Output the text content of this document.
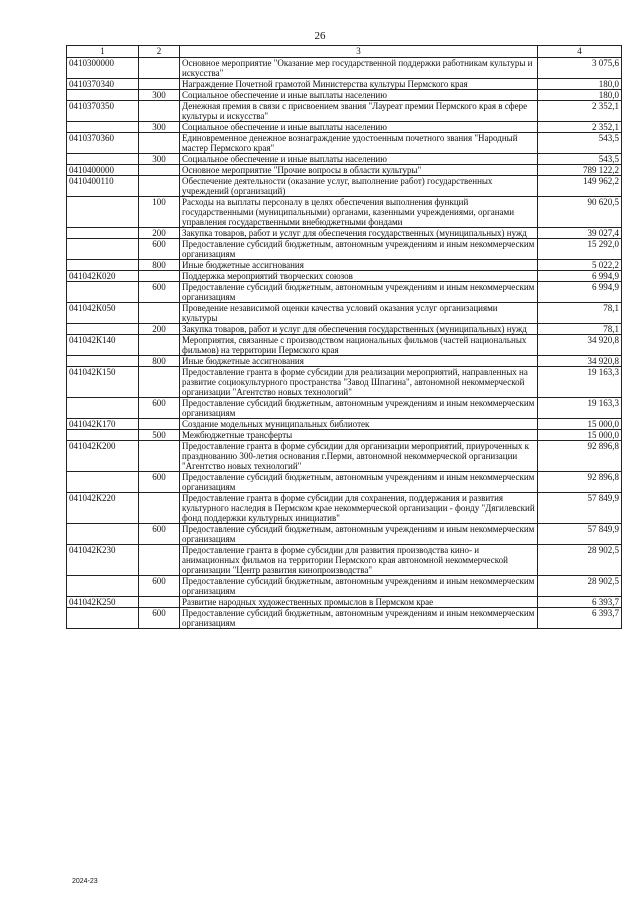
26
1	2	3	4
0410300000		Основное мероприятие "Оказание мер государственной поддержки работникам культуры и искусства"	3 075,6
0410370340		Награждение Почетной грамотой Министерства культуры Пермского края	180,0
	300	Социальное обеспечение и иные выплаты населению	180,0
0410370350		Денежная премия в связи с присвоением звания "Лауреат премии Пермского края в сфере культуры и искусства"	2 352,1
	300	Социальное обеспечение и иные выплаты населению	2 352,1
0410370360		Единовременное денежное вознаграждение удостоенным почетного звания "Народный мастер Пермского края"	543,5
	300	Социальное обеспечение и иные выплаты населению	543,5
0410400000		Основное мероприятие "Прочие вопросы в области культуры"	789 122,2
0410400110		Обеспечение деятельности (оказание услуг, выполнение работ) государственных учреждений (организаций)	149 962,2
	100	Расходы на выплаты персоналу в целях обеспечения выполнения функций государственными (муниципальными) органами, казенными учреждениями, органами управления государственными внебюджетными фондами	90 620,5
	200	Закупка товаров, работ и услуг для обеспечения государственных (муниципальных) нужд	39 027,4
	600	Предоставление субсидий бюджетным, автономным учреждениям и иным некоммерческим организациям	15 292,0
	800	Иные бюджетные ассигнования	5 022,2
041042К020		Поддержка мероприятий творческих союзов	6 994,9
	600	Предоставление субсидий бюджетным, автономным учреждениям и иным некоммерческим организациям	6 994,9
041042К050		Проведение независимой оценки качества условий оказания услуг организациями культуры	78,1
	200	Закупка товаров, работ и услуг для обеспечения государственных (муниципальных) нужд	78,1
041042К140		Мероприятия, связанные с производством национальных фильмов (частей национальных фильмов) на территории Пермского края	34 920,8
	800	Иные бюджетные ассигнования	34 920,8
041042К150		Предоставление гранта в форме субсидии для реализации мероприятий, направленных на развитие социокультурного пространства "Завод Шпагина", автономной некоммерческой организации "Агентство новых технологий"	19 163,3
	600	Предоставление субсидий бюджетным, автономным учреждениям и иным некоммерческим организациям	19 163,3
041042К170		Создание модельных муниципальных библиотек	15 000,0
	500	Межбюджетные трансферты	15 000,0
041042К200		Предоставление гранта в форме субсидии для организации мероприятий, приуроченных к празднованию 300-летия основания г.Перми, автономной некоммерческой организации "Агентство новых технологий"	92 896,8
	600	Предоставление субсидий бюджетным, автономным учреждениям и иным некоммерческим организациям	92 896,8
041042К220		Предоставление гранта в форме субсидии для сохранения, поддержания и развития культурного наследия в Пермском крае некоммерческой организации - фонду "Дягилевский фонд поддержки культурных инициатив"	57 849,9
	600	Предоставление субсидий бюджетным, автономным учреждениям и иным некоммерческим организациям	57 849,9
041042К230		Предоставление гранта в форме субсидии для развития производства кино- и анимационных фильмов на территории Пермского края автономной некоммерческой организации "Центр развития кинопроизводства"	28 902,5
	600	Предоставление субсидий бюджетным, автономным учреждениям и иным некоммерческим организациям	28 902,5
041042К250		Развитие народных художественных промыслов в Пермском крае	6 393,7
	600	Предоставление субсидий бюджетным, автономным учреждениям и иным некоммерческим организациям	6 393,7
2024-23
